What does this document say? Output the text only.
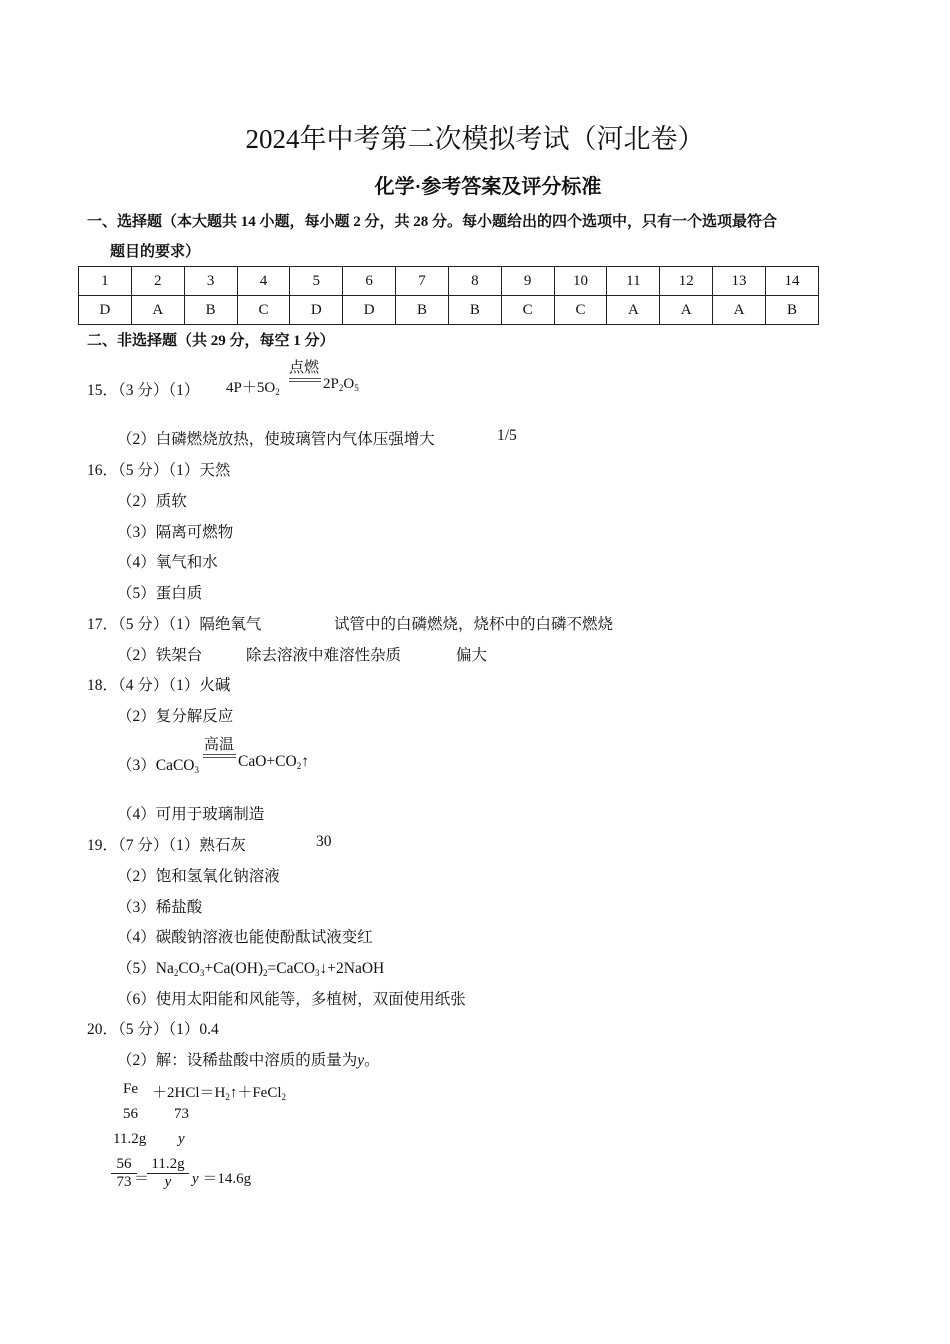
2024年中考第二次模拟考试（河北卷）
化学·参考答案及评分标准
一、选择题（本大题共 14 小题，每小题 2 分，共 28 分。每小题给出的四个选项中，只有一个选项最符合
题目的要求）
1	2	3	4	5	6	7	8	9	10	11	12	13	14
D	A	B	C	D	D	B	B	C	C	A	A	A	B
二、非选择题（共 29 分，每空 1 分）
15．（3 分）（1） $4P+5O_2$
点燃
$2P_2O_5$
（2）白磷燃烧放热，使玻璃管内气体压强增大	1/5
16．（5 分）（1）天然
（2）质软
（3）隔离可燃物
（4）氧气和水
（5）蛋白质
17．（5 分）（1）隔绝氧气	试管中的白磷燃烧，烧杯中的白磷不燃烧
（2）铁架台	除去溶液中难溶性杂质	偏大
18．（4 分）（1）火碱
（2）复分解反应
（3）CaCO$_3$
高温
$CaO+CO_2↑$
（4）可用于玻璃制造
19．（7 分）（1）熟石灰	30
（2）饱和氢氧化钠溶液
（3）稀盐酸
（4）碳酸钠溶液也能使酚酞试液变红
$(5)Na_2CO_3+Ca(OH)_2=CaCO_3↓+2NaOH$
（6）使用太阳能和风能等，多植树，双面使用纸张
20．（5 分）（1）0.4
（2）解：设稀盐酸中溶质的质量为y。
$Fe +2HCl=H_2↑+FeCl_2$
56 73
11.2g y
$\frac{56}{73}$
＝
$\frac{11.2g}{y}$ y ＝14.6g
